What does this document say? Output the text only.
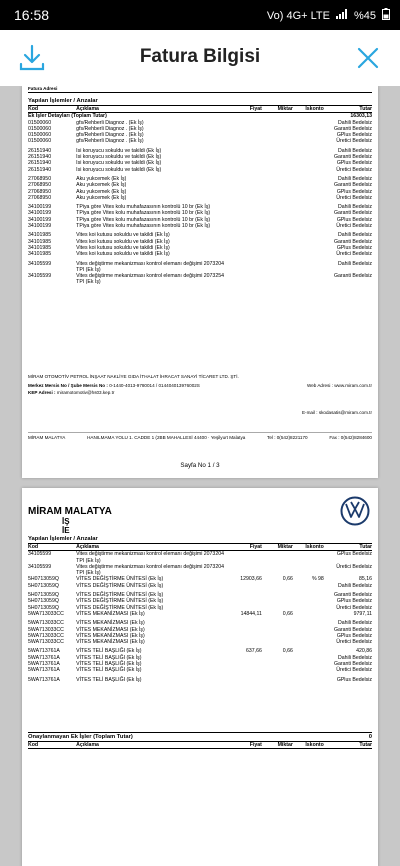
16:58	Vo) 4G+ LTE %45
Fatura Bilgisi
Fatura Adresi
Yapılan İşlemler / Arızalar
Kod	Açıklama	Fiyat	Miktar	İskonto	Tutar
Ek İşler Detayları (Toplam Tutar)					16303,13
01500060	gfs/Rehberli Diagnoz . (Ek İş)				Dahili Bedelsiz
01500060	gfs/Rehberli Diagnoz . (Ek İş)				Garanti Bedelsiz
01500060	gfs/Rehberli Diagnoz . (Ek İş)				GPlus Bedelsiz
01500060	gfs/Rehberli Diagnoz . (Ek İş)				Üretici Bedelsiz

26151940	Isi koruyucu sokuldu ve takildi (Ek İş)				Dahili Bedelsiz
26151940	Isi koruyucu sokuldu ve takildi (Ek İş)				Garanti Bedelsiz
26151940	Isi koruyucu sokuldu ve takildi (Ek İş)				GPlus Bedelsiz
26151940	Isi koruyucu sokuldu ve takildi (Ek İş)				Üretici Bedelsiz

27068950	Aku yukcemek (Ek İş)				Dahili Bedelsiz
27068950	Aku yukcemek (Ek İş)				Garanti Bedelsiz
27068950	Aku yukcemek (Ek İş)				GPlus Bedelsiz
27068950	Aku yukcemek (Ek İş)				Üretici Bedelsiz

34100199	TPiya göre Vites kolu muhafazasının kontrolü 10 br (Ek İş)				Dahili Bedelsiz
34100199	TPiya göre Vites kolu muhafazasının kontrolü 10 br (Ek İş)				Garanti Bedelsiz
34100199	TPiya göre Vites kolu muhafazasının kontrolü 10 br (Ek İş)				GPlus Bedelsiz
34100199	TPiya göre Vites kolu muhafazasının kontrolü 10 br (Ek İş)				Üretici Bedelsiz

34101985	Vites koi kutusu sokuldu ve takildi (Ek İş)				Dahili Bedelsiz
34101985	Vites koi kutusu sokuldu ve takildi (Ek İş)				Garanti Bedelsiz
34101985	Vites koi kutusu sokuldu ve takildi (Ek İş)				GPlus Bedelsiz
34101985	Vites koi kutusu sokuldu ve takildi (Ek İş)				Üretici Bedelsiz

34105599	Vites değiştirme mekanizması kontrol elemanı değişimi 2073204 TPI (Ek İş)				Dahili Bedelsiz
34105599	Vites değiştirme mekanizması kontrol elemanı değişimi 2073254 TPI (Ek İş)				Garanti Bedelsiz
MİRAM OTOMOTİV PETROL İNŞAAT NAKLİYE GIDA İTHALAT İHRACAT SANAYİ TİCARET LTD. ŞTİ.
Merkez Mersis No / Şube Mersis No : 0-1440-4013-9780014 / 014404013976002S	Web Adresi : www.miram.com.tr
KEP Adresi : miramotomotiv@hs03.kep.tr
E-mail : skodasatis@miram.com.tr
MİRAM MALATYA	HANILMAMA YOLU 1. CADDE 1 (2BB MAHALLESİ 44400 · Yeşilyurt Malatya	Tel : 0(542)8221170	Fax : 0(542)8284600
Sayfa No 1 / 3
MİRAM MALATYA
İŞ
İE
Yapılan İşlemler / Arızalar
Kod	Açıklama	Fiyat	Miktar	İskonto	Tutar
34105599	Vites değiştirme mekanizması kontrol elemanı değişimi 2073204 TPI (Ek İş)				GPlus Bedelsiz
34105599	Vites değiştirme mekanizması kontrol elemanı değişimi 2073204 TPI (Ek İş)				Üretici Bedelsiz
5H0713059Q	VİTES DEĞİŞTİRME ÜNİTESİ (Ek İş)	12903,66	0,66	% 98	85,16
5H0713059Q	VİTES DEĞİŞTİRME ÜNİTESİ (Ek İş)				Dahili Bedelsiz

5H0713059Q	VİTES DEĞİŞTİRME ÜNİTESİ (Ek İş)				Garanti Bedelsiz
5H0713059Q	VİTES DEĞİŞTİRME ÜNİTESİ (Ek İş)				GPlus Bedelsiz
5H0713059Q	VİTES DEĞİŞTİRME ÜNİTESİ (Ek İş)				Üretici Bedelsiz
5WA713033CC	VİTES MEKANİZMASI (Ek İş)	14844,11	0,66		9797,11

5WA713033CC	VİTES MEKANİZMASI (Ek İş)				Dahili Bedelsiz
5WA713033CC	VİTES MEKANİZMASI (Ek İş)				Garanti Bedelsiz
5WA713033CC	VİTES MEKANİZMASI (Ek İş)				GPlus Bedelsiz
5WA713033CC	VİTES MEKANİZMASI (Ek İş)				Üretici Bedelsiz

5WA713761A	VİTES TELİ BAŞLIĞI (Ek İş)	637,66	0,66		420,86
5WA713761A	VİTES TELİ BAŞLIĞI (Ek İş)				Dahili Bedelsiz
5WA713761A	VİTES TELİ BAŞLIĞI (Ek İş)				Garanti Bedelsiz
5WA713761A	VİTES TELİ BAŞLIĞI (Ek İş)				Üretici Bedelsiz

5WA713761A	VİTES TELİ BAŞLIĞI (Ek İş)				GPlus Bedelsiz
Onaylanmayan Ek İşler (Toplam Tutar)	0
Kod	Açıklama	Fiyat	Miktar	İskonto	Tutar
